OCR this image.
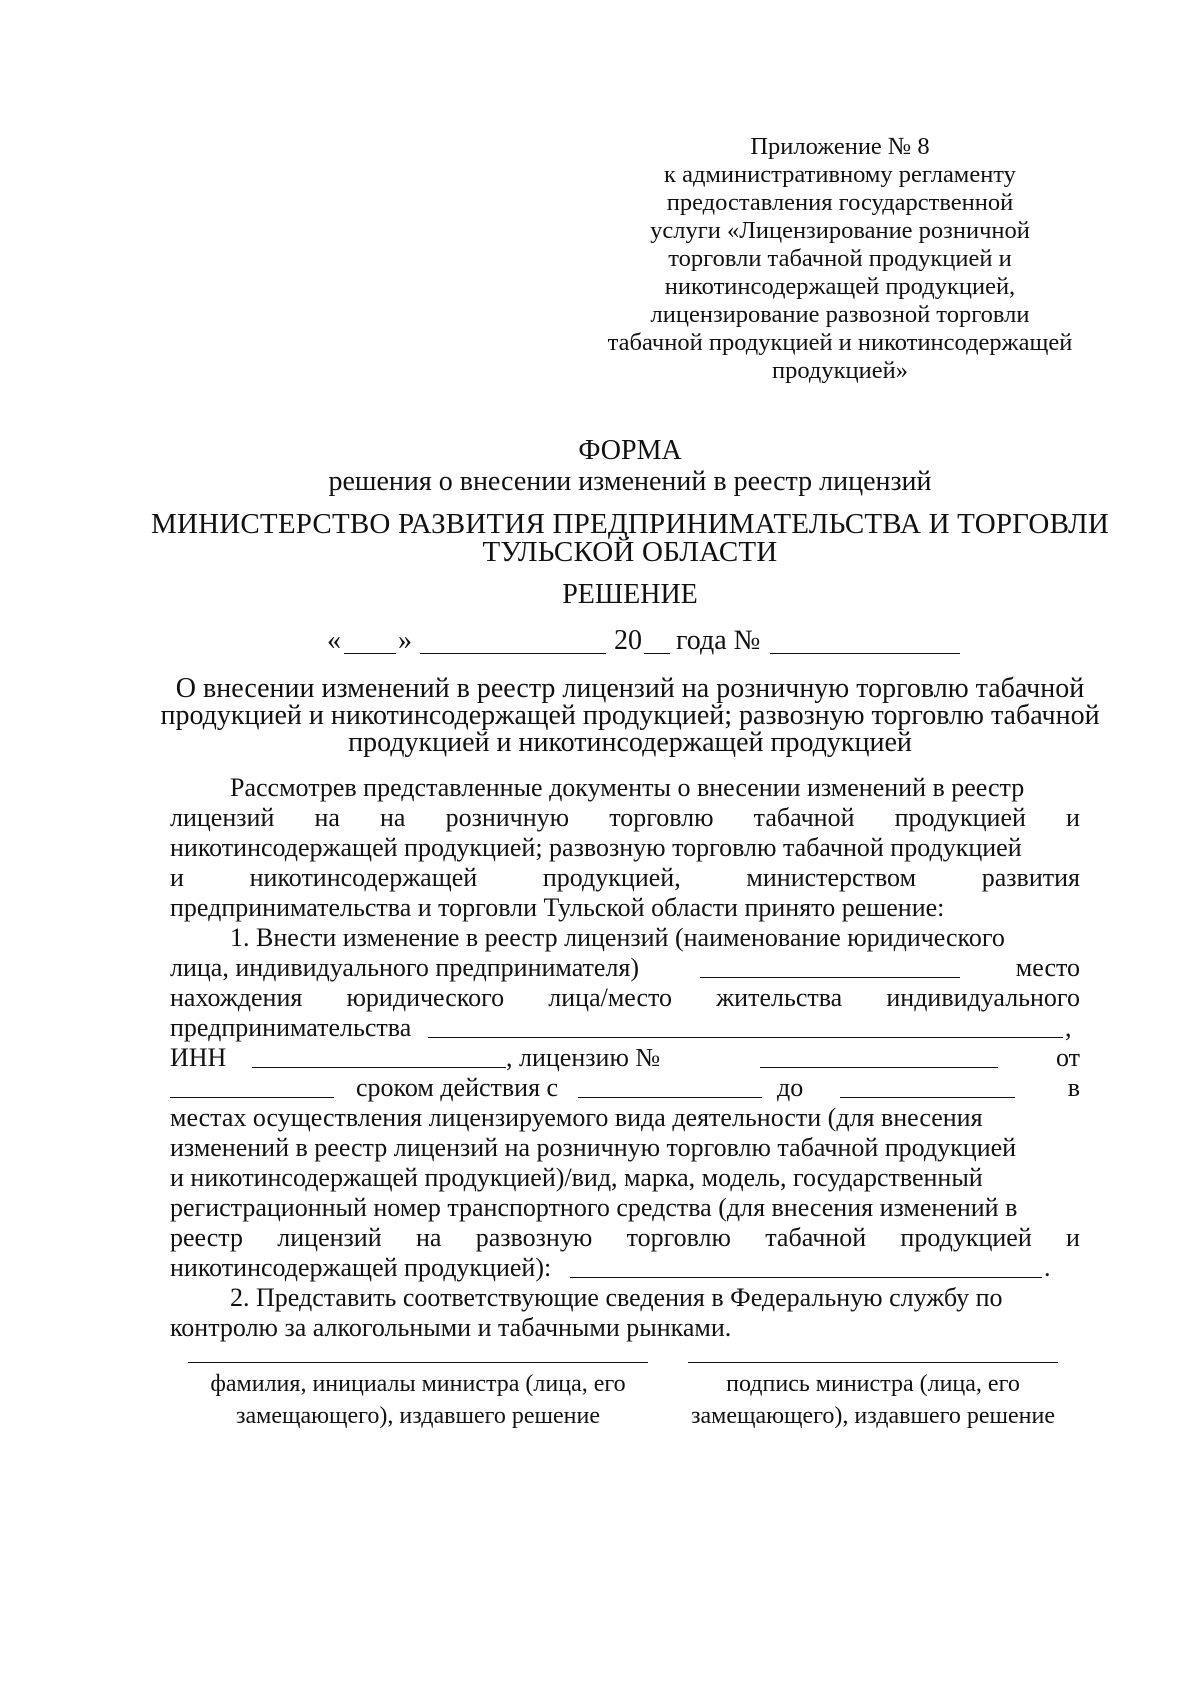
Приложение № 8
к административному регламенту
предоставления государственной
услуги «Лицензирование розничной
торговли табачной продукцией и
никотинсодержащей продукцией,
лицензирование развозной торговли
табачной продукцией и никотинсодержащей
продукцией»
ФОРМА
решения о внесении изменений в реестр лицензий
МИНИСТЕРСТВО РАЗВИТИЯ ПРЕДПРИНИМАТЕЛЬСТВА И ТОРГОВЛИ
ТУЛЬСКОЙ ОБЛАСТИ
РЕШЕНИЕ
« »	20 года №
О внесении изменений в реестр лицензий на розничную торговлю табачной
продукцией и никотинсодержащей продукцией; развозную торговлю табачной
продукцией и никотинсодержащей продукцией
Рассмотрев представленные документы о внесении изменений в реестр
лицензий на на розничную торговлю табачной продукцией и
никотинсодержащей продукцией; развозную торговлю табачной продукцией
и	никотинсодержащей	продукцией,	министерством	развития
предпринимательства и торговли Тульской области принято решение:
1. Внести изменение в реестр лицензий (наименование юридического
лица, индивидуального предпринимателя)	место
нахождения юридического лица/место жительства индивидуального
предпринимательства	,
ИНН	, лицензию №	от
сроком действия с	до	в
местах осуществления лицензируемого вида деятельности (для внесения
изменений в реестр лицензий на розничную торговлю табачной продукцией
и никотинсодержащей продукцией)/вид, марка, модель, государственный
регистрационный номер транспортного средства (для внесения изменений в
реестр лицензий на развозную торговлю табачной продукцией и
никотинсодержащей продукцией):	.
2. Представить соответствующие сведения в Федеральную службу по
контролю за алкогольными и табачными рынками.
фамилия, инициалы министра (лица, его
замещающего), издавшего решение
подпись министра (лица, его
замещающего), издавшего решение
